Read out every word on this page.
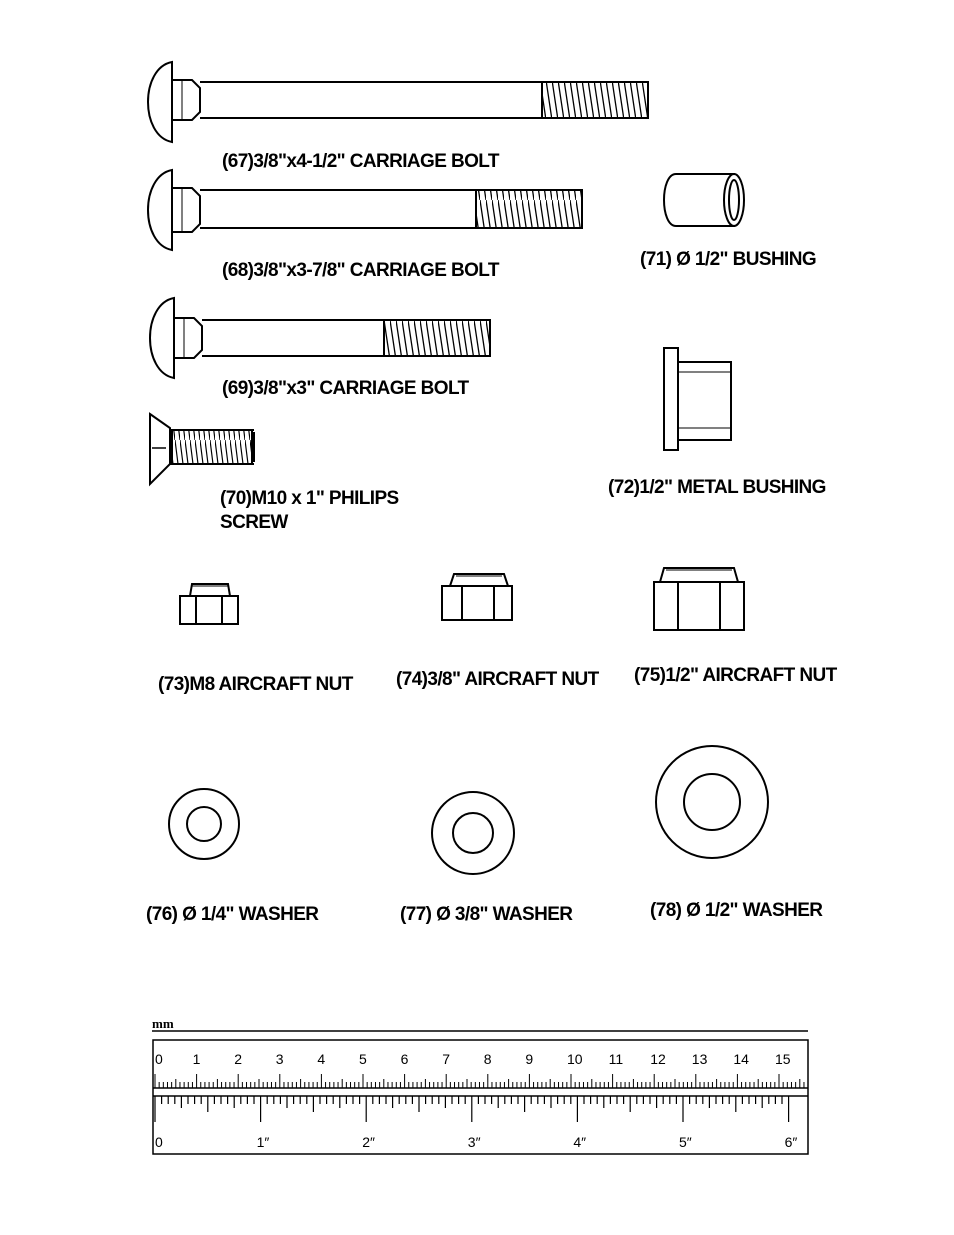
(67)3/8"x4-1/2" CARRIAGE BOLT
(68)3/8"x3-7/8" CARRIAGE BOLT
(69)3/8"x3" CARRIAGE BOLT
(70)M10 x 1" PHILIPS
SCREW
(71) Ø 1/2" BUSHING
(72)1/2" METAL BUSHING
(73)M8 AIRCRAFT NUT (74)3/8" AIRCRAFT NUT (75)1/2" AIRCRAFT NUT
(76) Ø 1/4" WASHER	(77) Ø 3/8" WASHER	(78) Ø 1/2" WASHER
mm
0 1 2 3 4 5 6 7 8 9 10 11 12 13 14 15
0	1″	2″	3″	4″	5″	6″
